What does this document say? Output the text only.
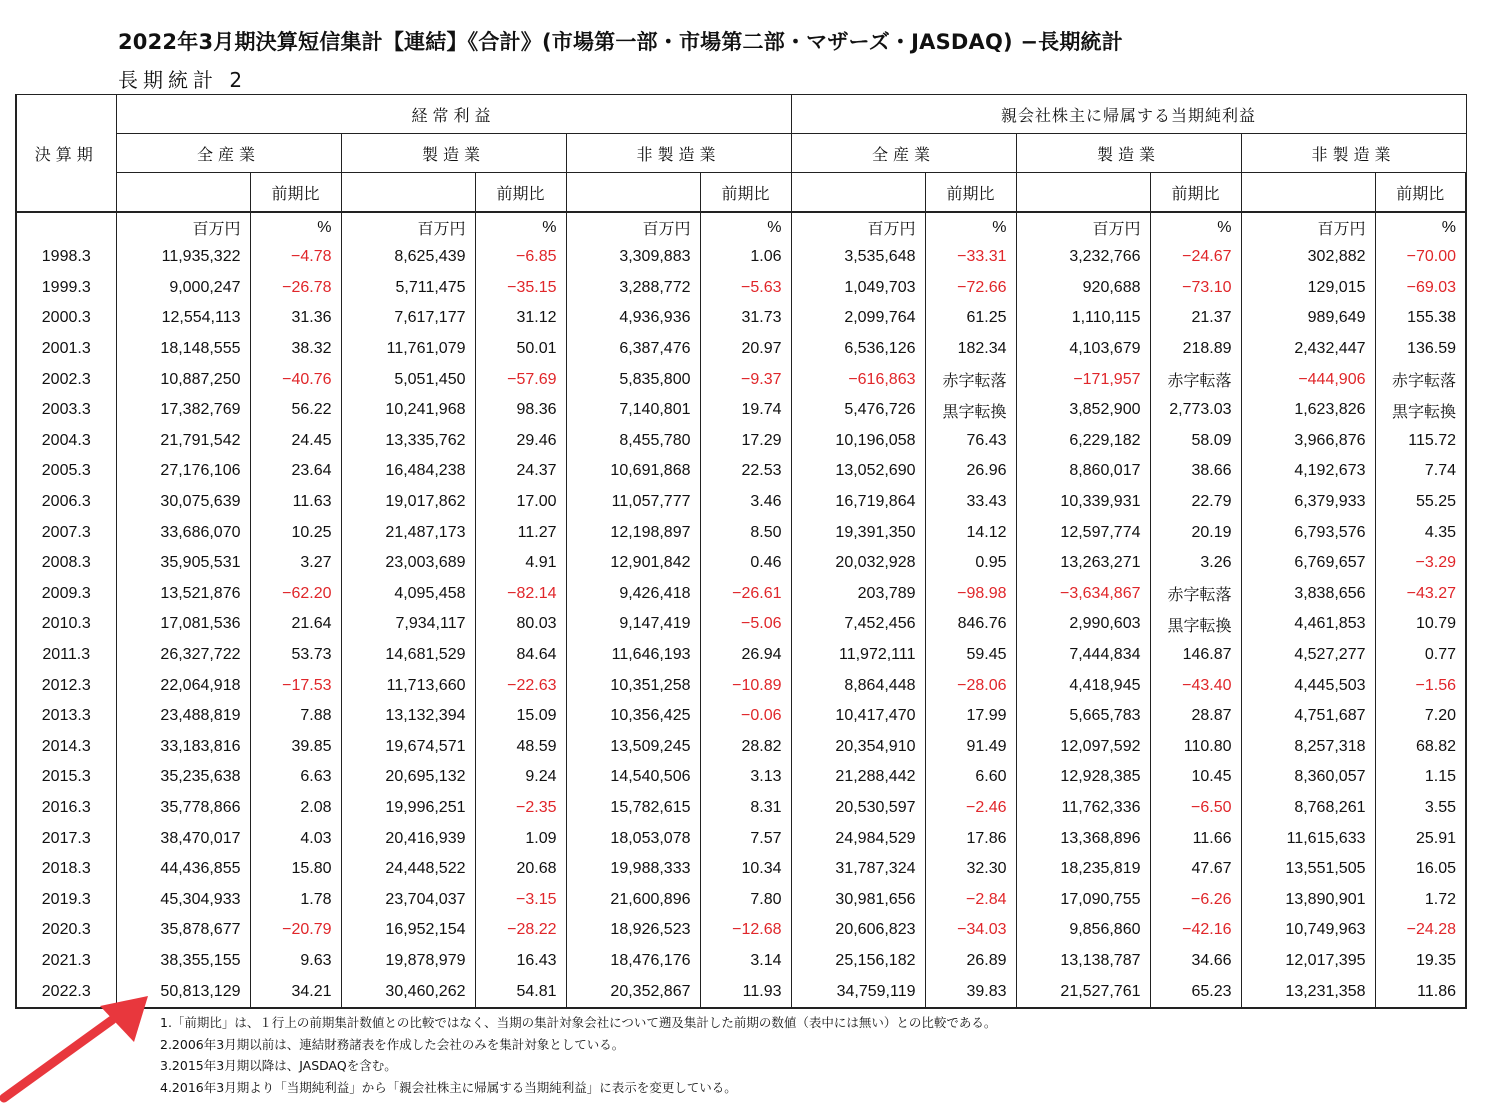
2022年3月期決算短信集計【連結】《合計》(市場第一部・市場第二部・マザーズ・JASDAQ) −長期統計
長期統計 2
決算期	経常利益						親会社株主に帰属する当期純利益					
	全産業		製造業		非製造業		全産業		製造業		非製造業	
		前期比		前期比		前期比		前期比		前期比		前期比
	百万円	%	百万円	%	百万円	%	百万円	%	百万円	%	百万円	%
1998.3	11,935,322	−4.78	8,625,439	−6.85	3,309,883	1.06	3,535,648	−33.31	3,232,766	−24.67	302,882	−70.00
1999.3	9,000,247	−26.78	5,711,475	−35.15	3,288,772	−5.63	1,049,703	−72.66	920,688	−73.10	129,015	−69.03
2000.3	12,554,113	31.36	7,617,177	31.12	4,936,936	31.73	2,099,764	61.25	1,110,115	21.37	989,649	155.38
2001.3	18,148,555	38.32	11,761,079	50.01	6,387,476	20.97	6,536,126	182.34	4,103,679	218.89	2,432,447	136.59
2002.3	10,887,250	−40.76	5,051,450	−57.69	5,835,800	−9.37	−616,863	赤字転落	−171,957	赤字転落	−444,906	赤字転落
2003.3	17,382,769	56.22	10,241,968	98.36	7,140,801	19.74	5,476,726	黒字転換	3,852,900	2,773.03	1,623,826	黒字転換
2004.3	21,791,542	24.45	13,335,762	29.46	8,455,780	17.29	10,196,058	76.43	6,229,182	58.09	3,966,876	115.72
2005.3	27,176,106	23.64	16,484,238	24.37	10,691,868	22.53	13,052,690	26.96	8,860,017	38.66	4,192,673	7.74
2006.3	30,075,639	11.63	19,017,862	17.00	11,057,777	3.46	16,719,864	33.43	10,339,931	22.79	6,379,933	55.25
2007.3	33,686,070	10.25	21,487,173	11.27	12,198,897	8.50	19,391,350	14.12	12,597,774	20.19	6,793,576	4.35
2008.3	35,905,531	3.27	23,003,689	4.91	12,901,842	0.46	20,032,928	0.95	13,263,271	3.26	6,769,657	−3.29
2009.3	13,521,876	−62.20	4,095,458	−82.14	9,426,418	−26.61	203,789	−98.98	−3,634,867	赤字転落	3,838,656	−43.27
2010.3	17,081,536	21.64	7,934,117	80.03	9,147,419	−5.06	7,452,456	846.76	2,990,603	黒字転換	4,461,853	10.79
2011.3	26,327,722	53.73	14,681,529	84.64	11,646,193	26.94	11,972,111	59.45	7,444,834	146.87	4,527,277	0.77
2012.3	22,064,918	−17.53	11,713,660	−22.63	10,351,258	−10.89	8,864,448	−28.06	4,418,945	−43.40	4,445,503	−1.56
2013.3	23,488,819	7.88	13,132,394	15.09	10,356,425	−0.06	10,417,470	17.99	5,665,783	28.87	4,751,687	7.20
2014.3	33,183,816	39.85	19,674,571	48.59	13,509,245	28.82	20,354,910	91.49	12,097,592	110.80	8,257,318	68.82
2015.3	35,235,638	6.63	20,695,132	9.24	14,540,506	3.13	21,288,442	6.60	12,928,385	10.45	8,360,057	1.15
2016.3	35,778,866	2.08	19,996,251	−2.35	15,782,615	8.31	20,530,597	−2.46	11,762,336	−6.50	8,768,261	3.55
2017.3	38,470,017	4.03	20,416,939	1.09	18,053,078	7.57	24,984,529	17.86	13,368,896	11.66	11,615,633	25.91
2018.3	44,436,855	15.80	24,448,522	20.68	19,988,333	10.34	31,787,324	32.30	18,235,819	47.67	13,551,505	16.05
2019.3	45,304,933	1.78	23,704,037	−3.15	21,600,896	7.80	30,981,656	−2.84	17,090,755	−6.26	13,890,901	1.72
2020.3	35,878,677	−20.79	16,952,154	−28.22	18,926,523	−12.68	20,606,823	−34.03	9,856,860	−42.16	10,749,963	−24.28
2021.3	38,355,155	9.63	19,878,979	16.43	18,476,176	3.14	25,156,182	26.89	13,138,787	34.66	12,017,395	19.35
2022.3	50,813,129	34.21	30,460,262	54.81	20,352,867	11.93	34,759,119	39.83	21,527,761	65.23	13,231,358	11.86
1.「前期比」は、１行上の前期集計数値との比較ではなく、当期の集計対象会社について遡及集計した前期の数値（表中には無い）との比較である。
2.2006年3月期以前は、連結財務諸表を作成した会社のみを集計対象としている。
3.2015年3月期以降は、JASDAQを含む。
4.2016年3月期より「当期純利益」から「親会社株主に帰属する当期純利益」に表示を変更している。
